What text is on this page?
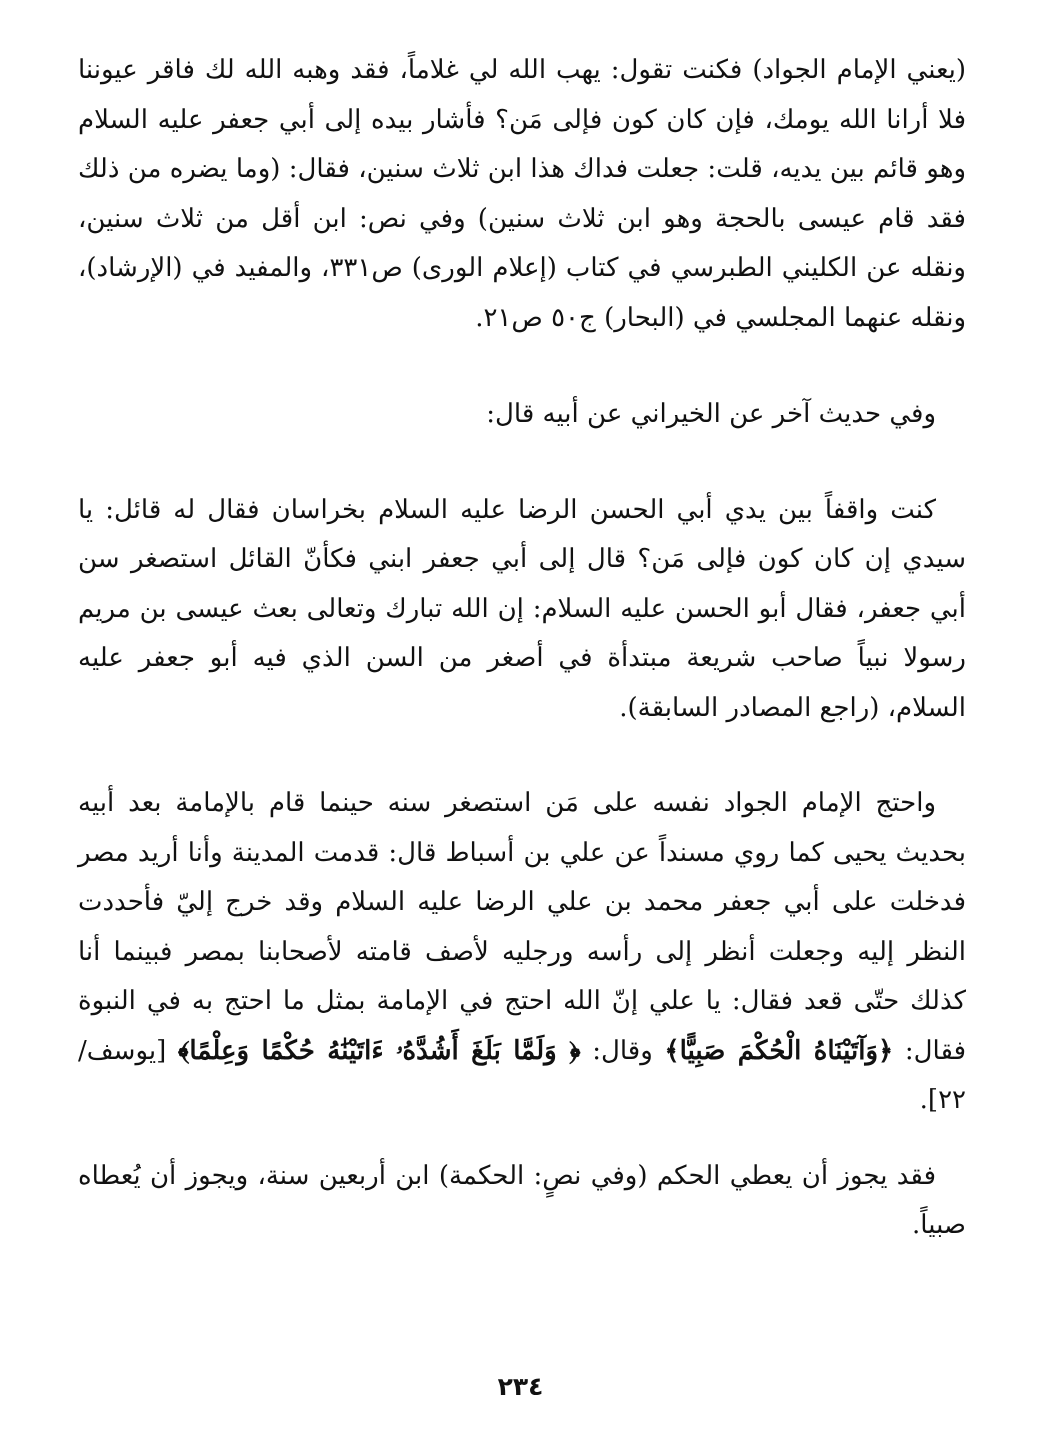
(يعني الإمام الجواد) فكنت تقول: يهب الله لي غلاماً، فقد وهبه الله لك فاقر عيوننا فلا أرانا الله يومك، فإن كان كون فإلى مَن؟ فأشار بيده إلى أبي جعفر عليه السلام وهو قائم بين يديه، قلت: جعلت فداك هذا ابن ثلاث سنين، فقال: (وما يضره من ذلك فقد قام عيسى بالحجة وهو ابن ثلاث سنين) وفي نص: ابن أقل من ثلاث سنين، ونقله عن الكليني الطبرسي في كتاب (إعلام الورى) ص٣٣١، والمفيد في (الإرشاد)، ونقله عنهما المجلسي في (البحار) ج٥٠ ص٢١.

وفي حديث آخر عن الخيراني عن أبيه قال:

كنت واقفاً بين يدي أبي الحسن الرضا عليه السلام بخراسان فقال له قائل: يا سيدي إن كان كون فإلى مَن؟ قال إلى أبي جعفر ابني فكأنّ القائل استصغر سن أبي جعفر، فقال أبو الحسن عليه السلام: إن الله تبارك وتعالى بعث عيسى بن مريم رسولا نبياً صاحب شريعة مبتدأة في أصغر من السن الذي فيه أبو جعفر عليه السلام، (راجع المصادر السابقة).

واحتج الإمام الجواد نفسه على مَن استصغر سنه حينما قام بالإمامة بعد أبيه بحديث يحيى كما روي مسنداً عن علي بن أسباط قال: قدمت المدينة وأنا أريد مصر فدخلت على أبي جعفر محمد بن علي الرضا عليه السلام وقد خرج إليّ فأحددت النظر إليه وجعلت أنظر إلى رأسه ورجليه لأصف قامته لأصحابنا بمصر فبينما أنا كذلك حتّى قعد فقال: يا علي إنّ الله احتج في الإمامة بمثل ما احتج به في النبوة فقال: ﴿وَآتَيْنَاهُ الْحُكْمَ صَبِيًّا﴾ وقال: ﴿ وَلَمَّا بَلَغَ أَشُدَّهُۥ ءَاتَيْنَٰهُ حُكْمًا وَعِلْمًا﴾ [يوسف/ ٢٢].

فقد يجوز أن يعطي الحكم (وفي نصٍ: الحكمة) ابن أربعين سنة، ويجوز أن يُعطاه صبياً.

٢٣٤
